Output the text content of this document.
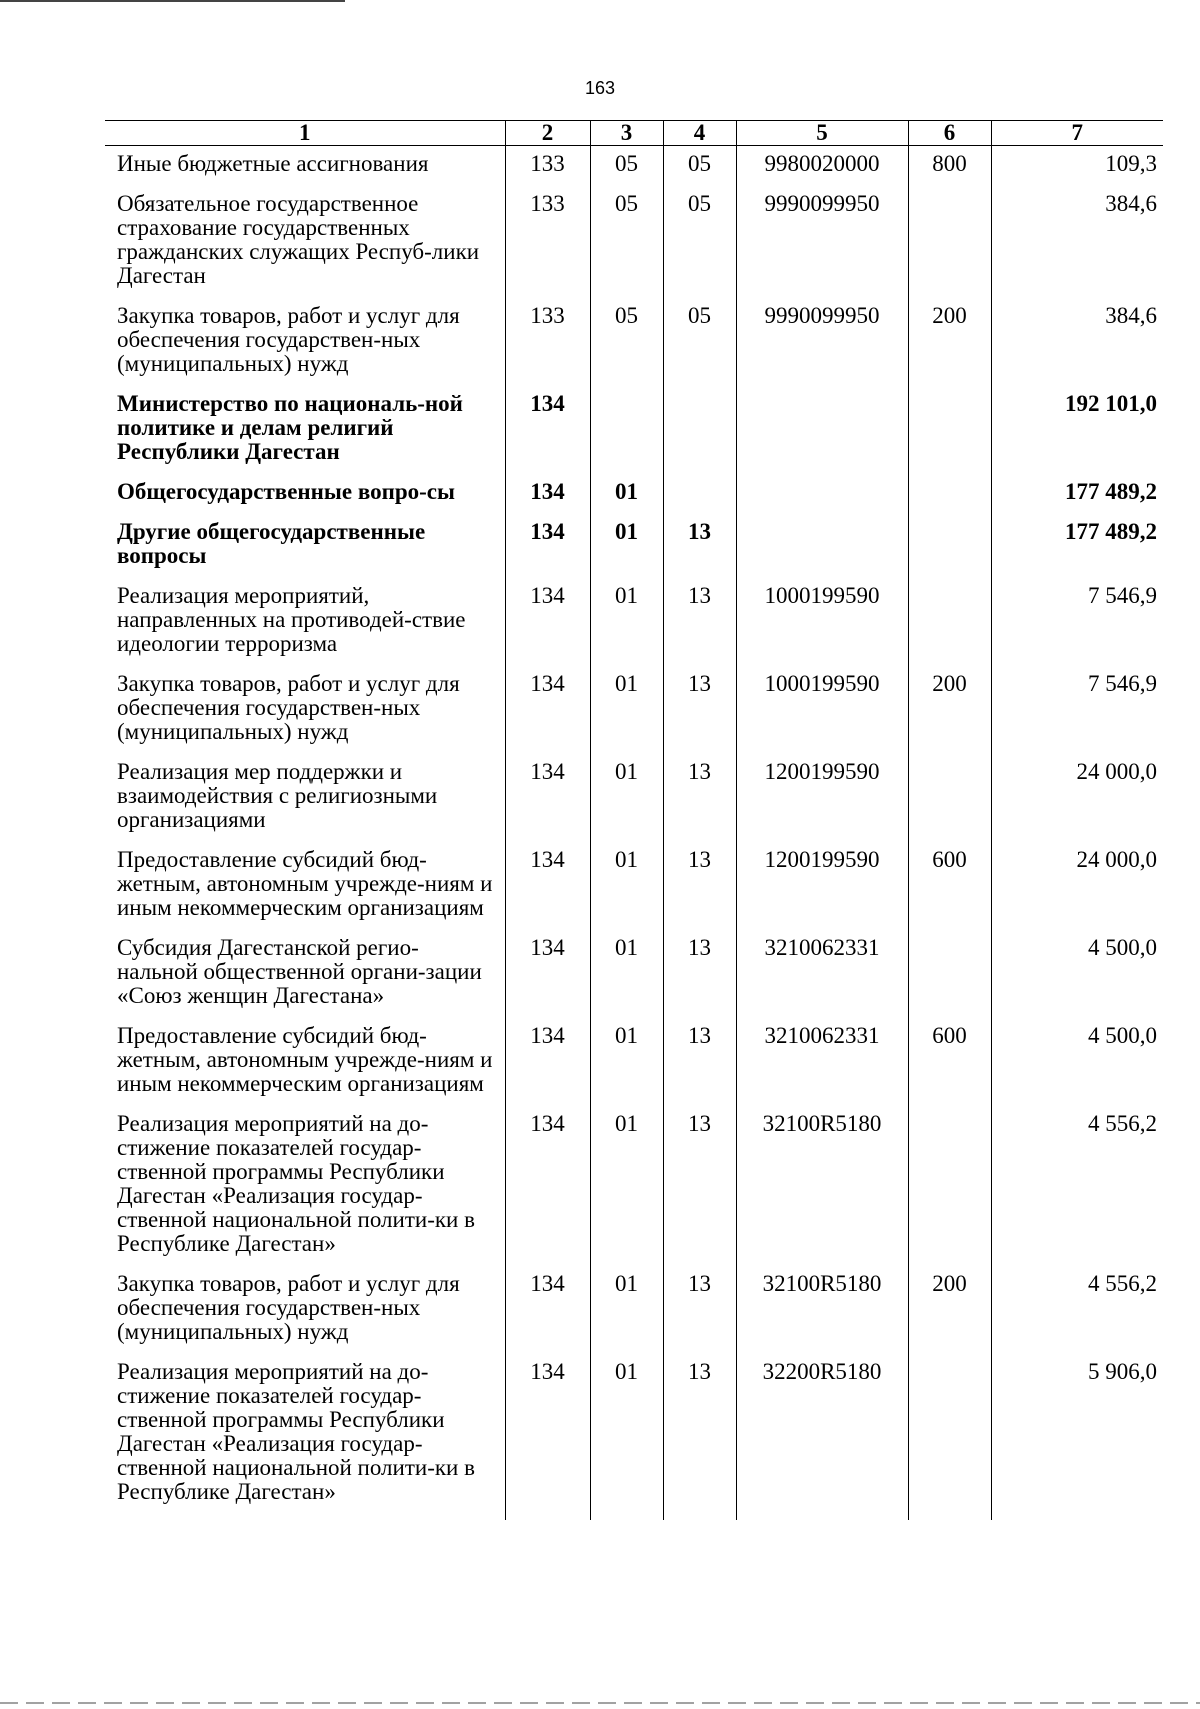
163
1	2	3	4	5	6	7
Иные бюджетные ассигнования	133	05	05	9980020000	800	109,3
Обязательное государственное страхование государственных гражданских служащих Респуб-лики Дагестан	133	05	05	9990099950		384,6
Закупка товаров, работ и услуг для обеспечения государствен-ных (муниципальных) нужд	133	05	05	9990099950	200	384,6
Министерство по националь-ной политике и делам религий Республики Дагестан	134					192 101,0
Общегосударственные вопро-сы	134	01				177 489,2
Другие общегосударственные вопросы	134	01	13			177 489,2
Реализация мероприятий, направленных на противодей-ствие идеологии терроризма	134	01	13	1000199590		7 546,9
Закупка товаров, работ и услуг для обеспечения государствен-ных (муниципальных) нужд	134	01	13	1000199590	200	7 546,9
Реализация мер поддержки и взаимодействия с религиозными организациями	134	01	13	1200199590		24 000,0
Предоставление субсидий бюд-жетным, автономным учрежде-ниям и иным некоммерческим организациям	134	01	13	1200199590	600	24 000,0
Субсидия Дагестанской регио-нальной общественной органи-зации «Союз женщин Дагестана»	134	01	13	3210062331		4 500,0
Предоставление субсидий бюд-жетным, автономным учрежде-ниям и иным некоммерческим организациям	134	01	13	3210062331	600	4 500,0
Реализация мероприятий на до-стижение показателей государ-ственной программы Республики Дагестан «Реализация государ-ственной национальной полити-ки в Республике Дагестан»	134	01	13	32100R5180		4 556,2
Закупка товаров, работ и услуг для обеспечения государствен-ных (муниципальных) нужд	134	01	13	32100R5180	200	4 556,2
Реализация мероприятий на до-стижение показателей государ-ственной программы Республики Дагестан «Реализация государ-ственной национальной полити-ки в Республике Дагестан»	134	01	13	32200R5180		5 906,0
